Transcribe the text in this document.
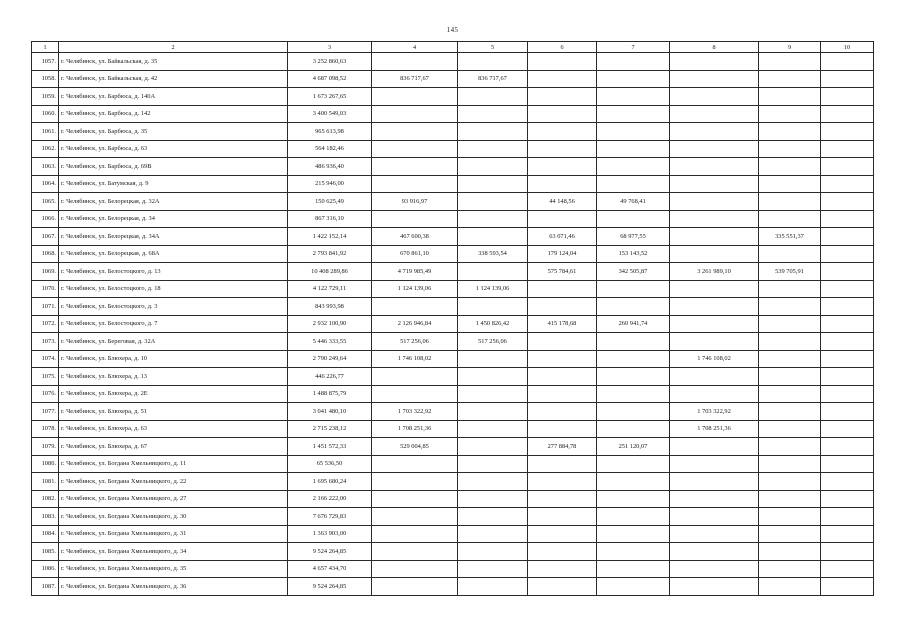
145
1	2	3	4	5	6	7	8	9	10
1057.	г. Челябинск, ул. Байкальская, д. 35	3 252 860,63							
1058.	г. Челябинск, ул. Байкальская, д. 42	4 687 098,52	836 717,67	836 717,67					
1059.	г. Челябинск, ул. Барбюса, д. 140А	1 673 267,65							
1060.	г. Челябинск, ул. Барбюса, д. 142	3 400 549,03							
1061.	г. Челябинск, ул. Барбюса, д. 35	965 613,98							
1062.	г. Челябинск, ул. Барбюса, д. 63	564 182,46							
1063.	г. Челябинск, ул. Барбюса, д. 69В	486 936,40							
1064.	г. Челябинск, ул. Батумская, д. 9	215 946,00							
1065.	г. Челябинск, ул. Белорецкая, д. 32А	150 625,49	93 916,97		44 148,56	49 768,41			
1066.	г. Челябинск, ул. Белорецкая, д. 34	867 316,10							
1067.	г. Челябинск, ул. Белорецкая, д. 34А	1 422 152,14	467 600,38		63 071,46	68 977,55		335 551,37	
1068.	г. Челябинск, ул. Белорецкая, д. 68А	2 793 841,92	670 861,10	338 593,54	179 124,04	153 143,52			
1069.	г. Челябинск, ул. Белостоцкого, д. 13	10 408 289,86	4 719 985,49		575 784,61	342 505,87	3 261 989,10	539 705,91	
1070.	г. Челябинск, ул. Белостоцкого, д. 18	4 122 729,11	1 124 139,06	1 124 139,06					
1071.	г. Челябинск, ул. Белостоцкого, д. 3	843 993,98							
1072.	г. Челябинск, ул. Белостоцкого, д. 7	2 932 100,90	2 126 946,84	1 450 826,42	415 178,68	260 941,74			
1073.	г. Челябинск, ул. Береговая, д. 32А	5 446 333,55	517 256,06	517 256,06					
1074.	г. Челябинск, ул. Блюхера, д. 10	2 790 249,64	1 746 108,02				1 746 108,02		
1075.	г. Челябинск, ул. Блюхера, д. 13	446 226,77							
1076.	г. Челябинск, ул. Блюхера, д. 2Е	1 488 875,79							
1077.	г. Челябинск, ул. Блюхера, д. 51	3 041 480,10	1 703 322,92				1 703 322,92		
1078.	г. Челябинск, ул. Блюхера, д. 63	2 715 238,12	1 708 251,36				1 708 251,36		
1079.	г. Челябинск, ул. Блюхера, д. 67	1 451 572,33	529 004,85		277 884,78	251 120,07			
1080.	г. Челябинск, ул. Богдана Хмельницкого, д. 11	65 536,50							
1081.	г. Челябинск, ул. Богдана Хмельницкого, д. 22	1 695 680,24							
1082.	г. Челябинск, ул. Богдана Хмельницкого, д. 27	2 166 222,00							
1083.	г. Челябинск, ул. Богдана Хмельницкого, д. 30	7 676 729,83							
1084.	г. Челябинск, ул. Богдана Хмельницкого, д. 31	1 363 903,00							
1085.	г. Челябинск, ул. Богдана Хмельницкого, д. 34	9 524 264,85							
1086.	г. Челябинск, ул. Богдана Хмельницкого, д. 35	4 657 434,70							
1087.	г. Челябинск, ул. Богдана Хмельницкого, д. 36	9 524 264,85							
